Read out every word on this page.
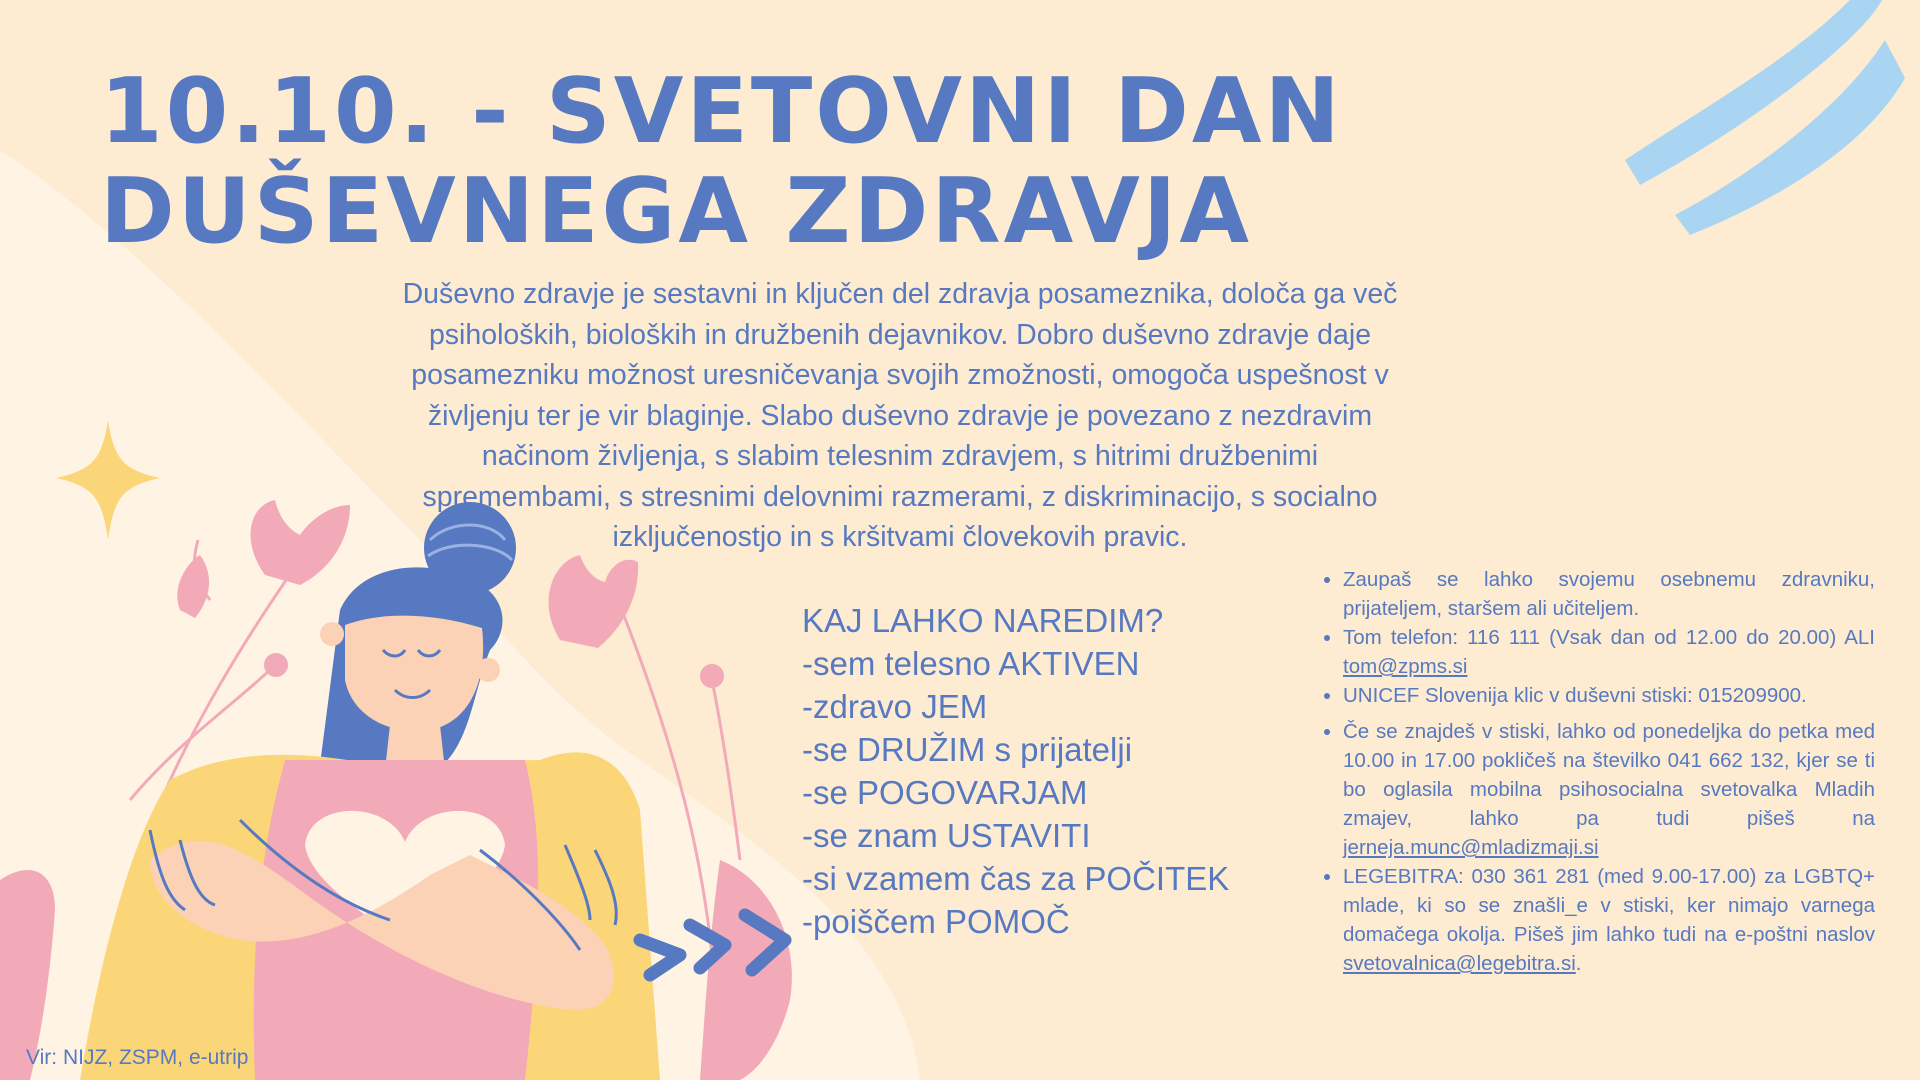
10.10. - SVETOVNI DAN
DUŠEVNEGA ZDRAVJA

Duševno zdravje je sestavni in ključen del zdravja posameznika, določa ga več psiholoških, bioloških in družbenih dejavnikov. Dobro duševno zdravje daje posamezniku možnost uresničevanja svojih zmožnosti, omogoča uspešnost v življenju ter je vir blaginje. Slabo duševno zdravje je povezano z nezdravim načinom življenja, s slabim telesnim zdravjem, s hitrimi družbenimi spremembami, s stresnimi delovnimi razmerami, z diskriminacijo, s socialno izključenostjo in s kršitvami človekovih pravic.

KAJ LAHKO NAREDIM?
-sem telesno AKTIVEN
-zdravo JEM
-se DRUŽIM s prijatelji
-se POGOVARJAM
-se znam USTAVITI
-si vzamem čas za POČITEK
-poiščem POMOČ
• Zaupaš se lahko svojemu osebnemu zdravniku, prijateljem, staršem ali učiteljem.
• Tom telefon: 116 111 (Vsak dan od 12.00 do 20.00) ALI tom@zpms.si
• UNICEF Slovenija klic v duševni stiski: 015209900.
• Če se znajdeš v stiski, lahko od ponedeljka do petka med 10.00 in 17.00 pokličeš na številko 041 662 132, kjer se ti bo oglasila mobilna psihosocialna svetovalka Mladih zmajev, lahko pa tudi pišeš na jerneja.munc@mladizmaji.si
• LEGEBITRA: 030 361 281 (med 9.00-17.00) za LGBTQ+ mlade, ki so se znašli_e v stiski, ker nimajo varnega domačega okolja. Pišeš jim lahko tudi na e-poštni naslov svetovalnica@legebitra.si.

Vir: NIJZ, ZSPM, e-utrip
